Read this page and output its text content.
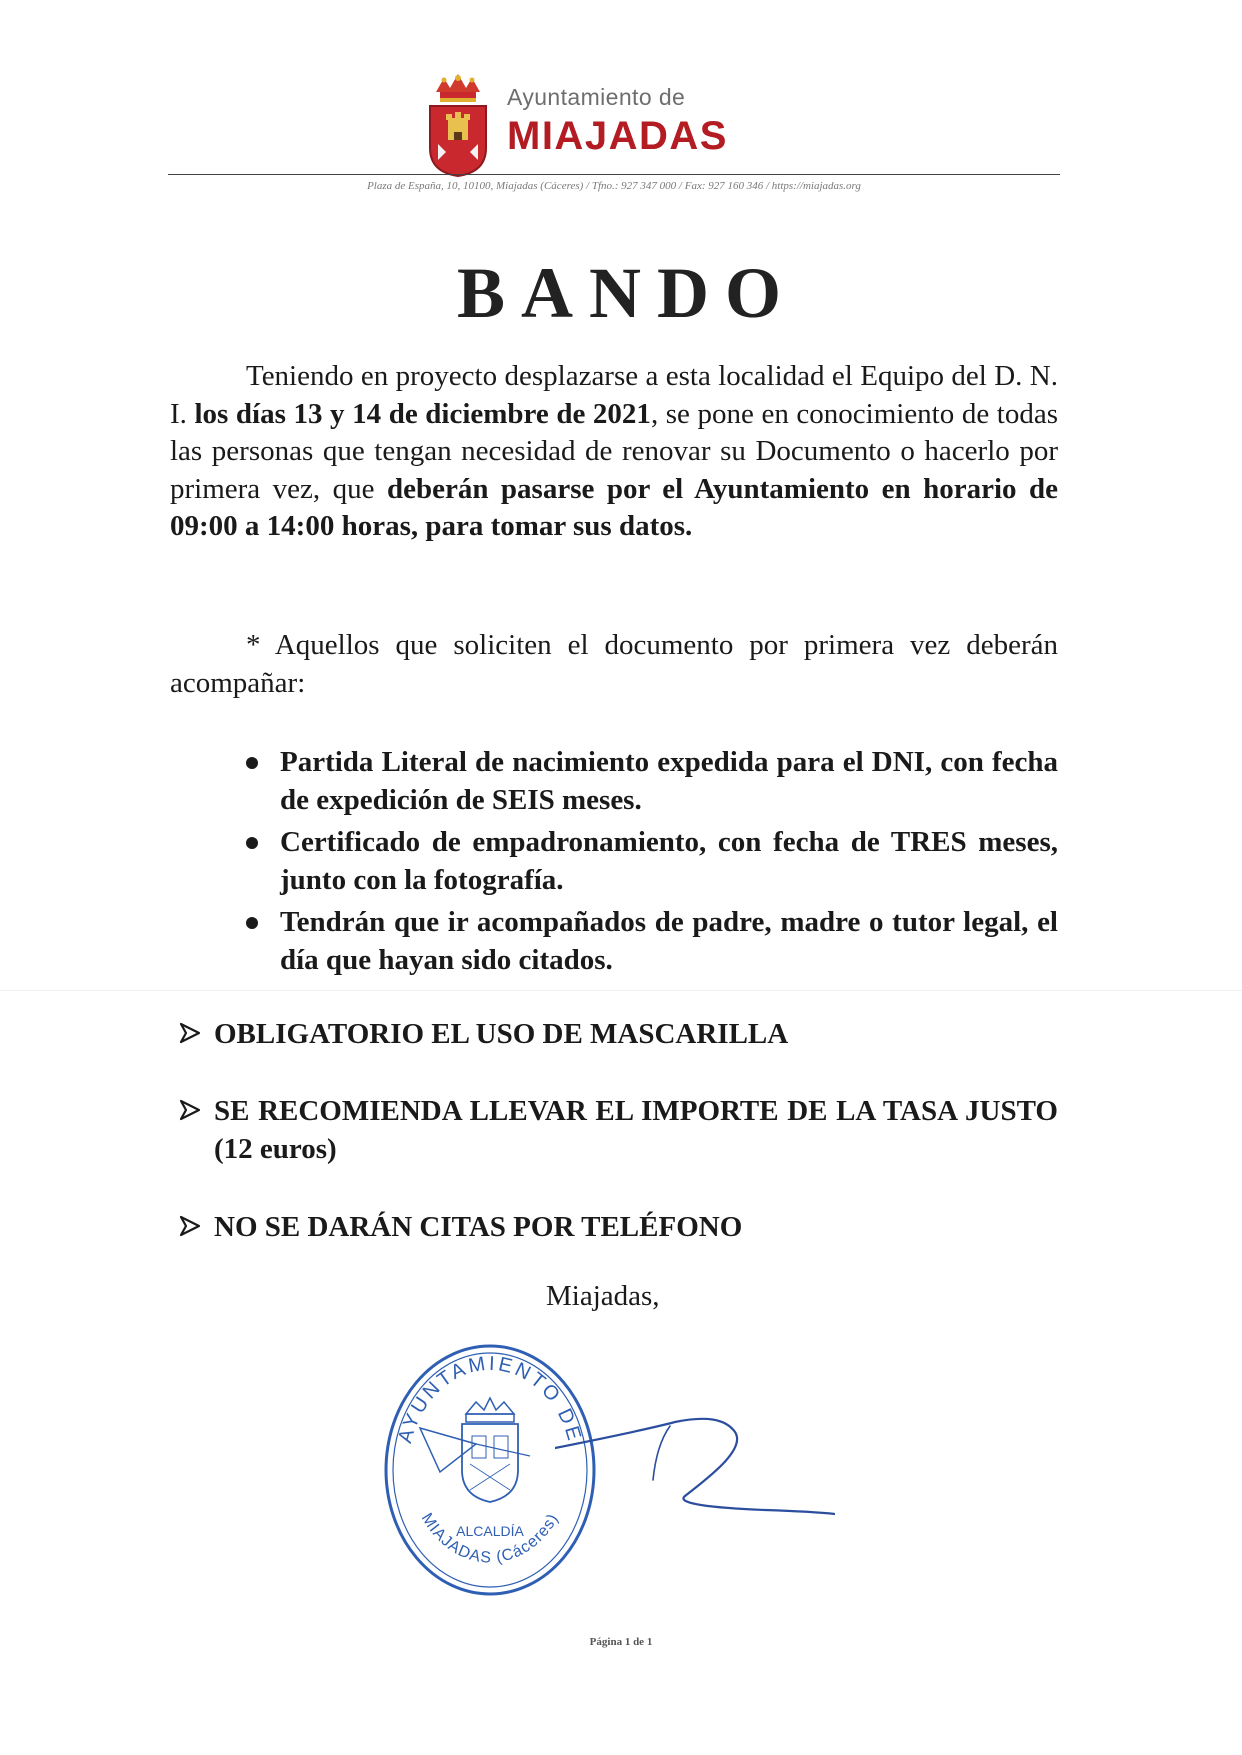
Ayuntamiento de
MIAJADAS
Plaza de España, 10, 10100, Miajadas (Cáceres) / Tfno.: 927 347 000 / Fax: 927 160 346 / https://miajadas.org
BANDO
Teniendo en proyecto desplazarse a esta localidad el Equipo del D. N. I. los días 13 y 14 de diciembre de 2021, se pone en conocimiento de todas las personas que tengan necesidad de renovar su Documento o hacerlo por primera vez, que deberán pasarse por el Ayuntamiento en horario de 09:00 a 14:00 horas, para tomar sus datos.
* Aquellos que soliciten el documento por primera vez deberán acompañar:
Partida Literal de nacimiento expedida para el DNI, con fecha de expedición de SEIS meses.
Certificado de empadronamiento, con fecha de TRES meses, junto con la fotografía.
Tendrán que ir acompañados de padre, madre o tutor legal, el día que hayan sido citados.
OBLIGATORIO EL USO DE MASCARILLA
SE RECOMIENDA LLEVAR EL IMPORTE DE LA TASA JUSTO (12 euros)
NO SE DARÁN CITAS POR TELÉFONO
Miajadas,
AYUNTAMIENTO DE
MIAJADAS (Cáceres)
ALCALDÍA
Página 1 de 1
